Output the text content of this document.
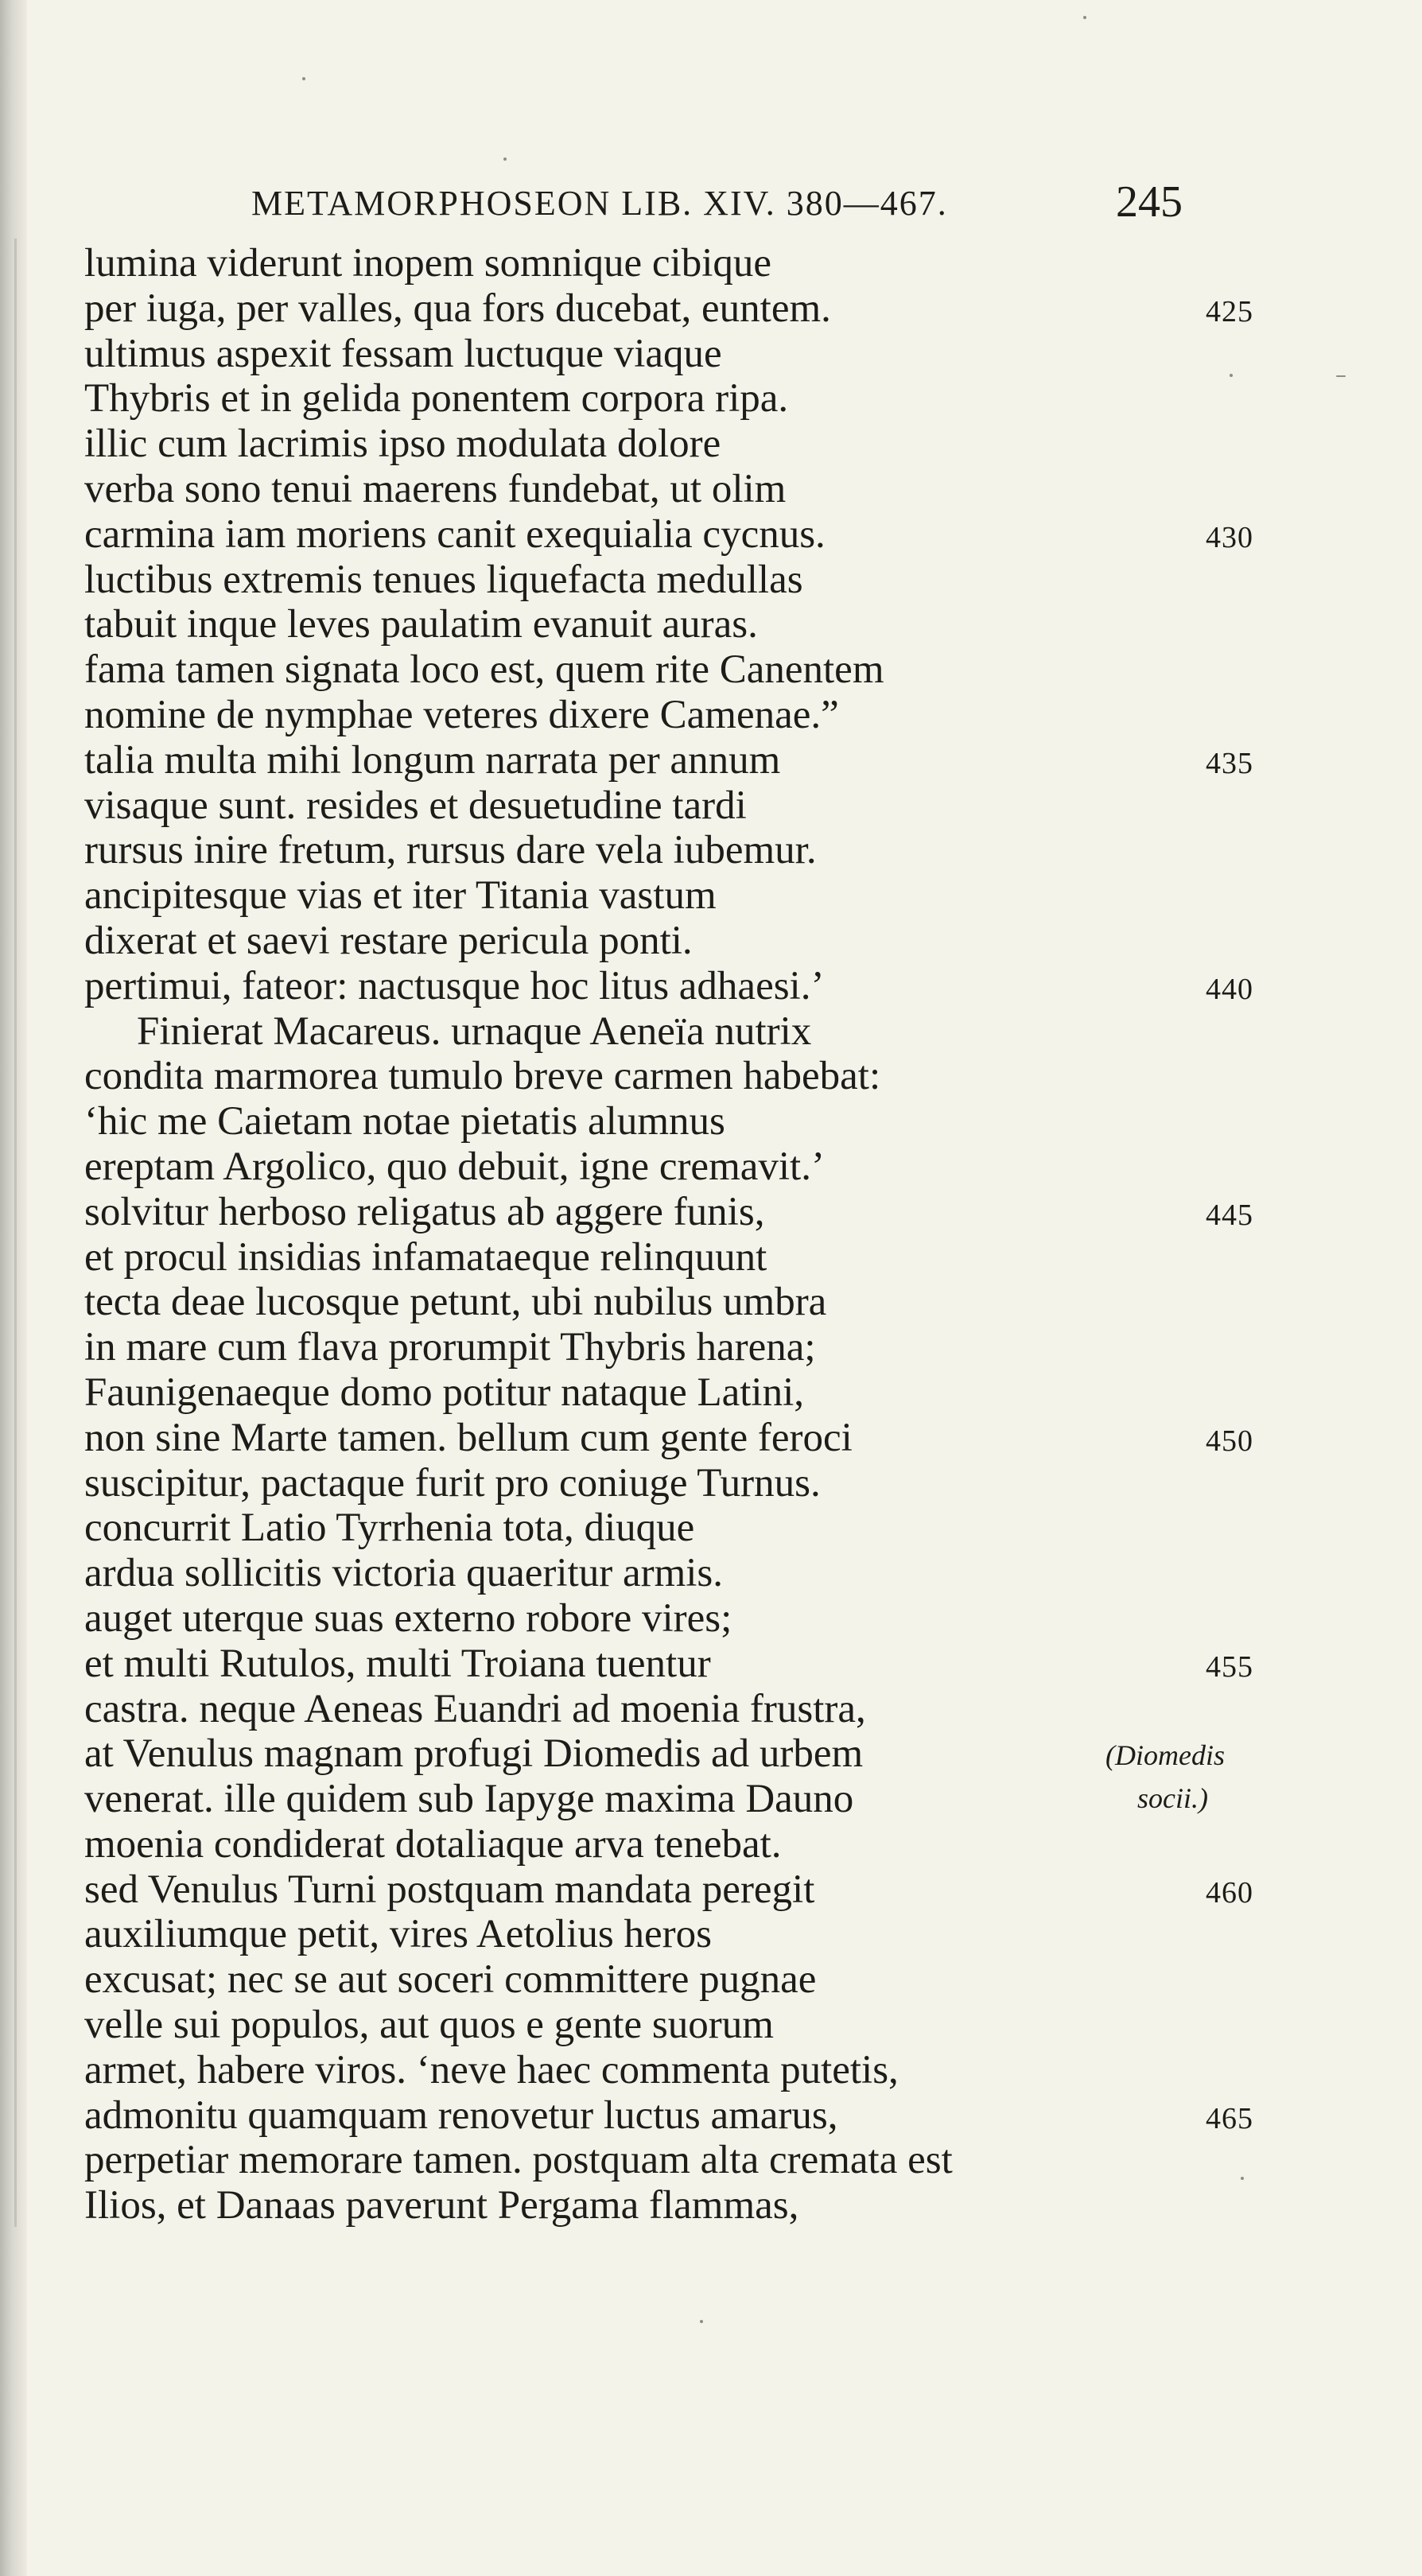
METAMORPHOSEON LIB. XIV. 380—467.	245
lumina viderunt inopem somnique cibique
per iuga, per valles, qua fors ducebat, euntem.	425
ultimus aspexit fessam luctuque viaque
Thybris et in gelida ponentem corpora ripa.
illic cum lacrimis ipso modulata dolore
verba sono tenui maerens fundebat, ut olim
carmina iam moriens canit exequialia cycnus.	430
luctibus extremis tenues liquefacta medullas
tabuit inque leves paulatim evanuit auras.
fama tamen signata loco est, quem rite Canentem
nomine de nymphae veteres dixere Camenae.”
talia multa mihi longum narrata per annum	435
visaque sunt. resides et desuetudine tardi
rursus inire fretum, rursus dare vela iubemur.
ancipitesque vias et iter Titania vastum
dixerat et saevi restare pericula ponti.
pertimui, fateor: nactusque hoc litus adhaesi.’	440
Finierat Macareus. urnaque Aeneïa nutrix
condita marmorea tumulo breve carmen habebat:
‘hic me Caietam notae pietatis alumnus
ereptam Argolico, quo debuit, igne cremavit.’
solvitur herboso religatus ab aggere funis,	445
et procul insidias infamataeque relinquunt
tecta deae lucosque petunt, ubi nubilus umbra
in mare cum flava prorumpit Thybris harena;
Faunigenaeque domo potitur nataque Latini,
non sine Marte tamen. bellum cum gente feroci	450
suscipitur, pactaque furit pro coniuge Turnus.
concurrit Latio Tyrrhenia tota, diuque
ardua sollicitis victoria quaeritur armis.
auget uterque suas externo robore vires;
et multi Rutulos, multi Troiana tuentur	455
castra. neque Aeneas Euandri ad moenia frustra,
at Venulus magnam profugi Diomedis ad urbem
venerat. ille quidem sub Iapyge maxima Dauno
moenia condiderat dotaliaque arva tenebat.
sed Venulus Turni postquam mandata peregit	460
auxiliumque petit, vires Aetolius heros
excusat; nec se aut soceri committere pugnae
velle sui populos, aut quos e gente suorum
armet, habere viros. ‘neve haec commenta putetis,
admonitu quamquam renovetur luctus amarus,	465
perpetiar memorare tamen. postquam alta cremata est
Ilios, et Danaas paverunt Pergama flammas,
(Diomedis
socii.)
